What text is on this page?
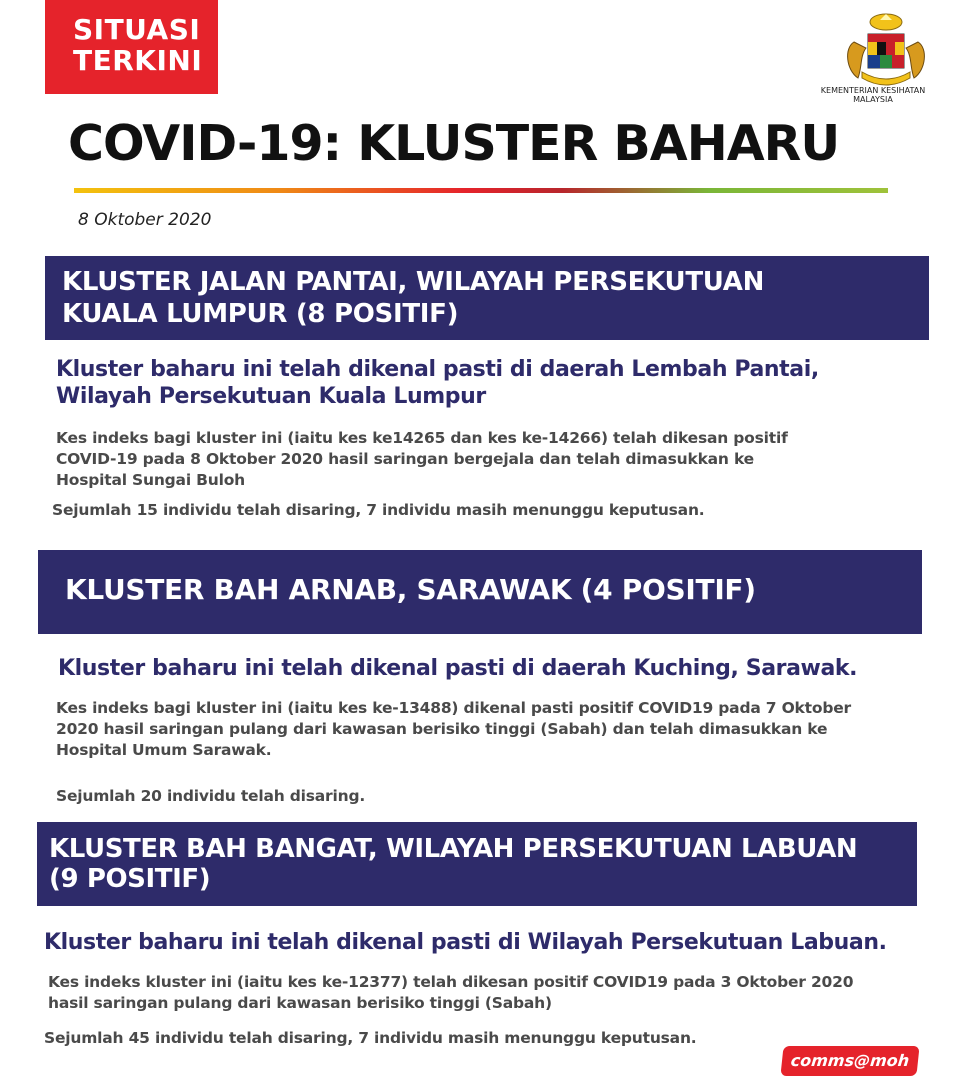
SITUASI
TERKINI
KEMENTERIAN KESIHATAN
MALAYSIA
COVID-19: KLUSTER BAHARU
8 Oktober 2020
KLUSTER JALAN PANTAI, WILAYAH PERSEKUTUAN
KUALA LUMPUR (8 POSITIF)
Kluster baharu ini telah dikenal pasti di daerah Lembah Pantai,
Wilayah Persekutuan Kuala Lumpur
Kes indeks bagi kluster ini (iaitu kes ke14265 dan kes ke-14266) telah dikesan positif
COVID-19 pada 8 Oktober 2020 hasil saringan bergejala dan telah dimasukkan ke
Hospital Sungai Buloh
Sejumlah 15 individu telah disaring, 7 individu masih menunggu keputusan.
KLUSTER BAH ARNAB, SARAWAK (4 POSITIF)
Kluster baharu ini telah dikenal pasti di daerah Kuching, Sarawak.
Kes indeks bagi kluster ini (iaitu kes ke-13488) dikenal pasti positif COVID19 pada 7 Oktober
2020 hasil saringan pulang dari kawasan berisiko tinggi (Sabah) dan telah dimasukkan ke
Hospital Umum Sarawak.
Sejumlah 20 individu telah disaring.
KLUSTER BAH BANGAT, WILAYAH PERSEKUTUAN LABUAN
(9 POSITIF)
Kluster baharu ini telah dikenal pasti di Wilayah Persekutuan Labuan.
Kes indeks kluster ini (iaitu kes ke-12377) telah dikesan positif COVID19 pada 3 Oktober 2020
hasil saringan pulang dari kawasan berisiko tinggi (Sabah)
Sejumlah 45 individu telah disaring, 7 individu masih menunggu keputusan.
comms@moh
